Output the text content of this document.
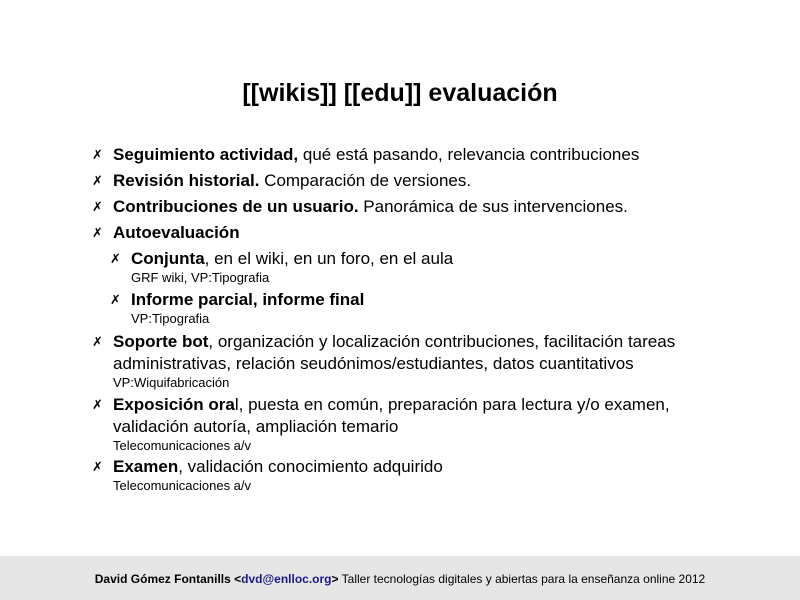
[[wikis]] [[edu]] evaluación
✗ Seguimiento actividad, qué está pasando, relevancia contribuciones
✗ Revisión historial. Comparación de versiones.
✗ Contribuciones de un usuario. Panorámica de sus intervenciones.
✗ Autoevaluación
✗ Conjunta, en el wiki, en un foro, en el aula
GRF wiki, VP:Tipografia
✗ Informe parcial, informe final
VP:Tipografia
✗ Soporte bot, organización y localización contribuciones, facilitación tareas
administrativas, relación seudónimos/estudiantes, datos cuantitativos
VP:Wiquifabricación
✗ Exposición oral, puesta en común, preparación para lectura y/o examen,
validación autoría, ampliación temario
Telecomunicaciones a/v
✗ Examen, validación conocimiento adquirido
Telecomunicaciones a/v
David Gómez Fontanills <dvd@enlloc.org> Taller tecnologías digitales y abiertas para la enseñanza online 2012
